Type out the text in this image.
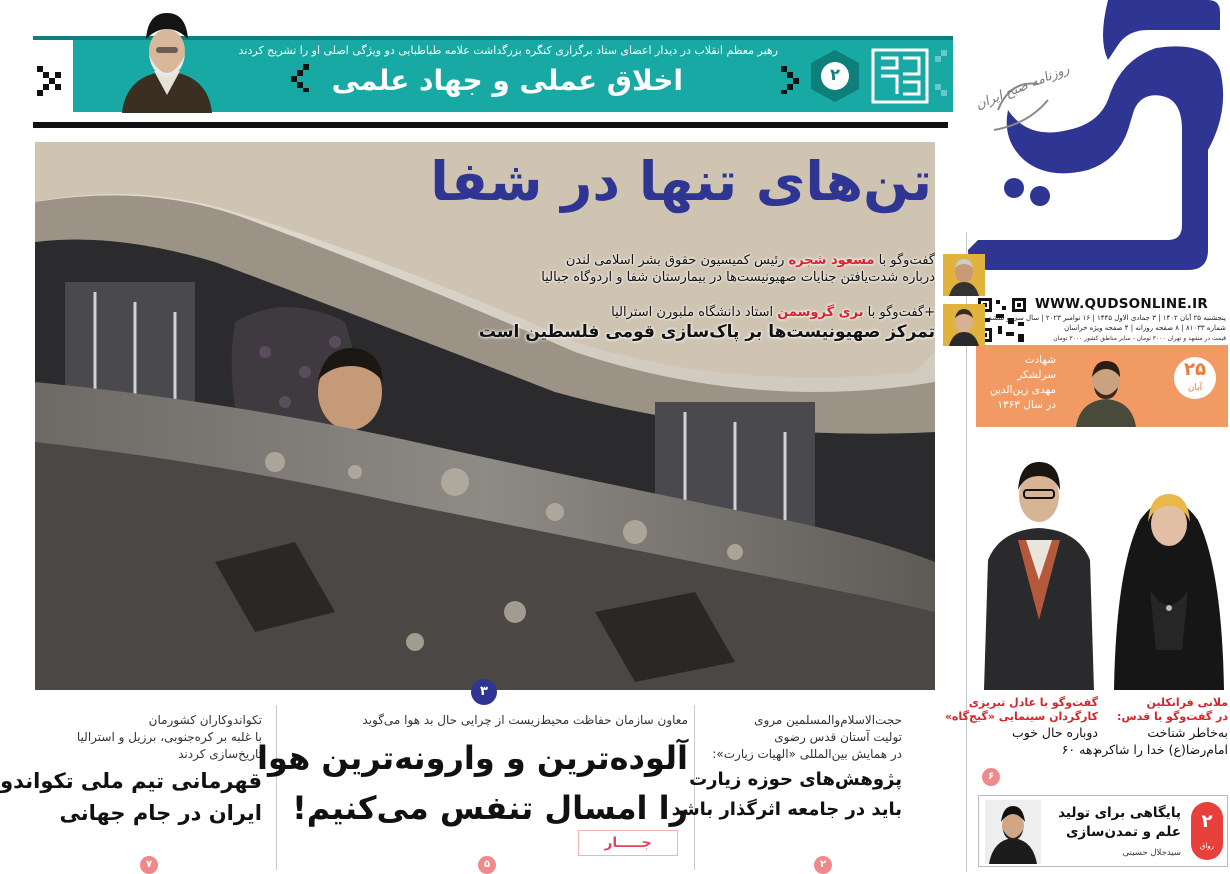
رهبر معظم انقلاب در دیدار اعضای ستاد برگزاری کنگره بزرگداشت علامه طباطبایی دو ویژگی اصلی او را تشریح کردند
اخلاق عملی و جهاد علمی	۲	روزنامه صبح ایران
WWW.QUDSONLINE.IR
پنجشنبه ۲۵ آبان ۱۴۰۲ | ۳ جمادی الاول ۱۴۴۵ | ۱۶ نوامبر ۲۰۲۳ | سال سی و ششم
شماره ۸۱۰۳۳ | ۸ صفحه روزانه | ۴ صفحه ویژه خراسان
قیمت در مشهد و تهران ۳۰۰۰ تومان - سایر مناطق کشور ۳۰۰۰ تومان
۲۵
آبان
شهادت
سرلشکر
مهدی زین‌الدین
در سال ۱۳۶۳
تن‌های تنها در شفا
گفت‌وگو با مسعود شجره رئیس کمیسیون حقوق بشر اسلامی لندن
درباره شدت‌یافتن جنایات صهیونیست‌ها در بیمارستان شفا و اردوگاه جبالیا
+گفت‌وگو با بری گروسمن استاد دانشگاه ملبورن استرالیا
تمرکز صهیونیست‌ها بر پاک‌سازی قومی فلسطین است
۳
تکواندوکاران کشورمان
با غلبه بر کره‌جنوبی، برزیل و استرالیا
تاریخ‌سازی کردند
قهرمانی تیم ملی تکواندو
ایران در جام جهانی
۷
معاون سازمان حفاظت محیط‌زیست از چرایی حال بد هوا می‌گوید
آلوده‌ترین و وارونه‌ترین هوا
را امسال تنفس می‌کنیم!
جـــــار
۵
حجت‌الاسلام‌والمسلمین مروی
تولیت آستان قدس رضوی
در همایش بین‌المللی «الهیات زیارت»:
پژوهش‌های حوزه زیارت
باید در جامعه اثرگذار باشد
۲
ملانی فرانکلین
در گفت‌وگو با قدس:
به‌خاطر شناخت
امام‌رضا(ع) خدا را شاکرم
گفت‌وگو با عادل تبریزی
کارگردان سینمایی «گیج‌گاه»
دوباره حال خوب
دهه ۶۰
۶
۲
رواق
پایگاهی برای تولید
علم و تمدن‌سازی
سیدجلال حسینی
